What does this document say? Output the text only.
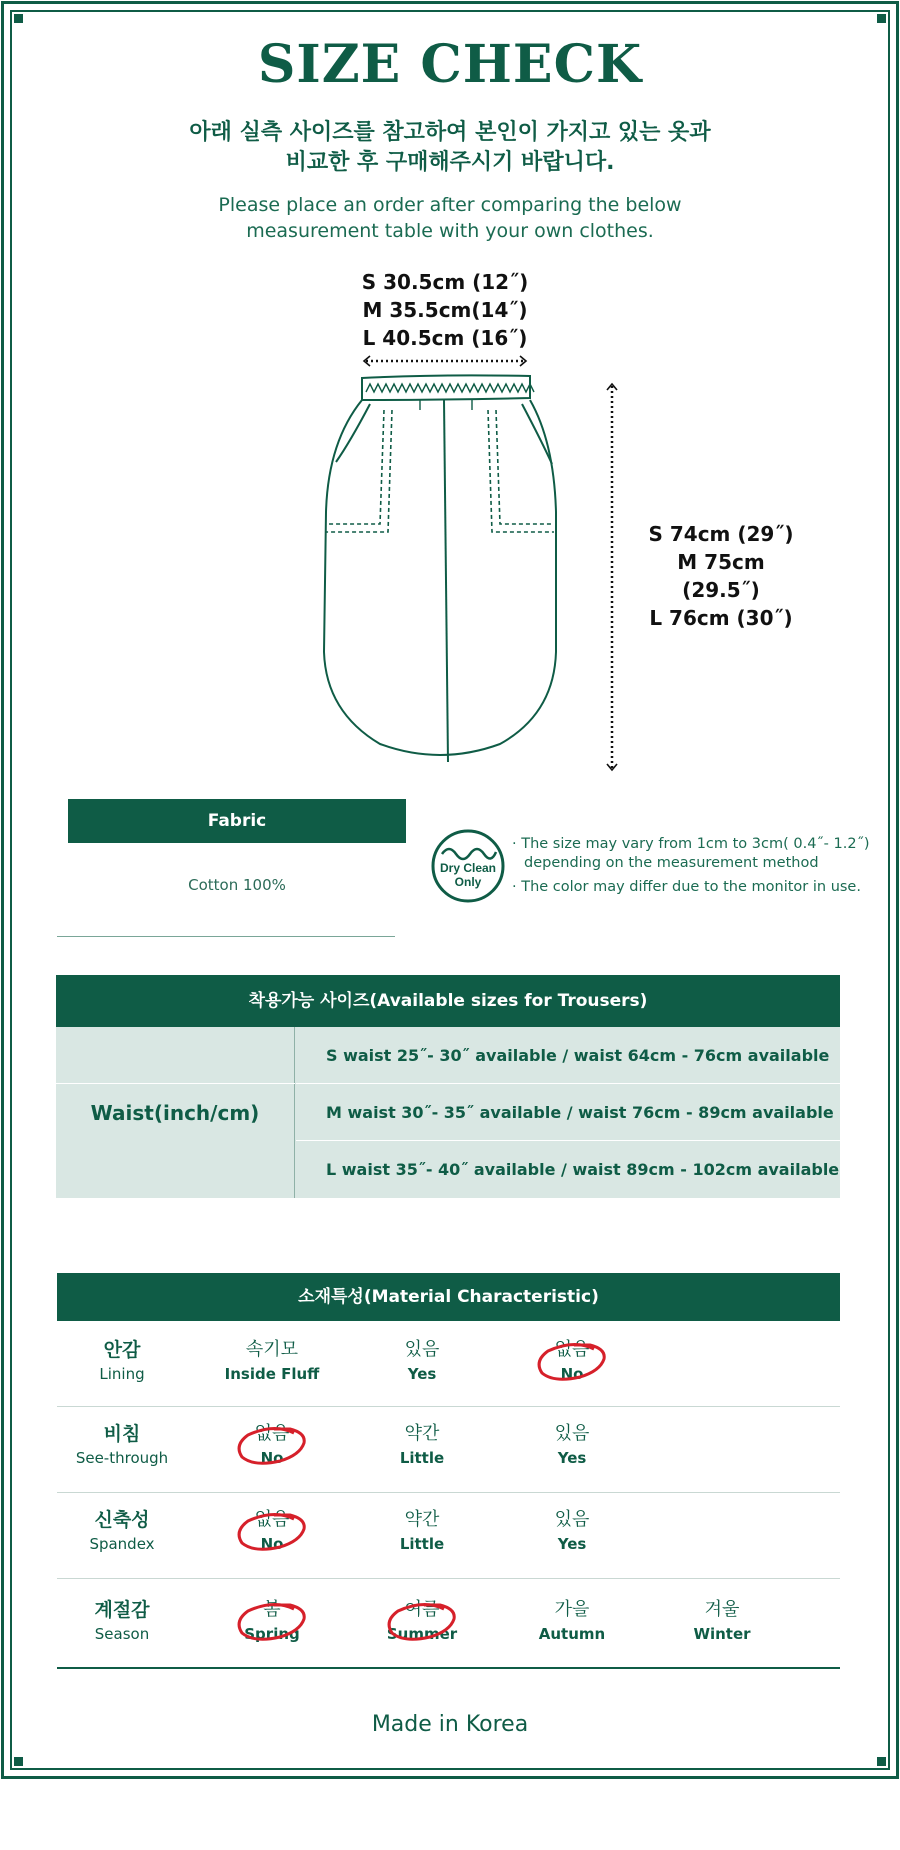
SIZE CHECK
아래 실측 사이즈를 참고하여 본인이 가지고 있는 옷과
비교한 후 구매해주시기 바랍니다.
Please place an order after comparing the below
measurement table with your own clothes.
S 30.5cm (12˝)
M 35.5cm(14˝)
L 40.5cm (16˝)
S 74cm (29˝)
M 75cm (29.5˝)
L 76cm (30˝)
Fabric
Cotton 100%
Dry Clean
Only
· The size may vary from 1cm to 3cm( 0.4˝- 1.2˝) depending on the measurement method
· The color may differ due to the monitor in use.
착용가능 사이즈(Available sizes for Trousers)
Waist(inch/cm)
S waist 25˝- 30˝ available / waist 64cm - 76cm available
M waist 30˝- 35˝ available / waist 76cm - 89cm available
L waist 35˝- 40˝ available / waist 89cm - 102cm available
소재특성(Material Characteristic)
안감
Lining
속기모
Inside Fluff
있음
Yes
없음
No
비침
See-through
없음
No
약간
Little
있음
Yes
신축성
Spandex
없음
No
약간
Little
있음
Yes
계절감
Season
봄
Spring
여름
Summer
가을
Autumn
겨울
Winter
Made in Korea
